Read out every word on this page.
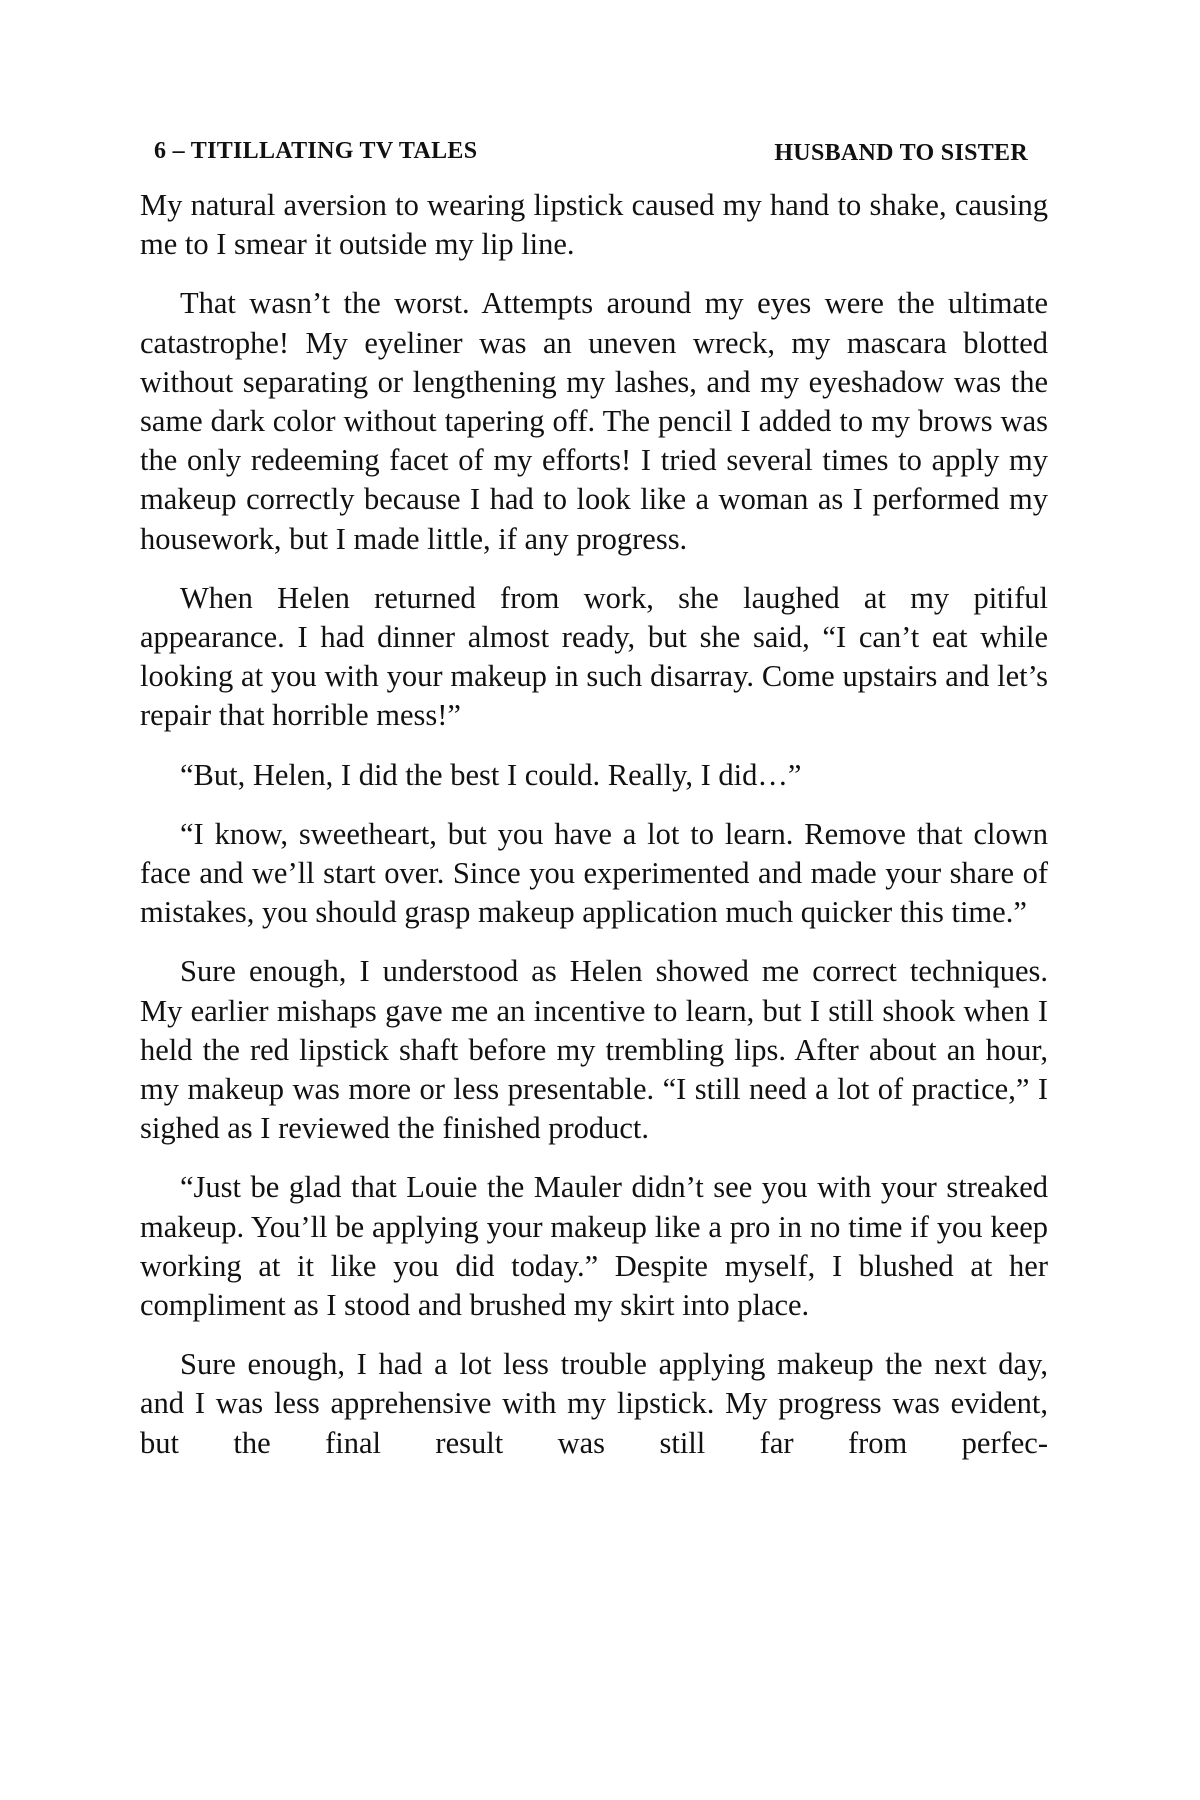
6 – TITILLATING TV TALES	HUSBAND TO SISTER

My natural aversion to wearing lipstick caused my hand to shake, causing me to I smear it outside my lip line.

That wasn’t the worst. Attempts around my eyes were the ultimate catastrophe! My eyeliner was an uneven wreck, my mascara blotted without separating or lengthening my lashes, and my eyeshadow was the same dark color without tapering off. The pencil I added to my brows was the only redeeming facet of my efforts! I tried several times to apply my makeup correctly because I had to look like a woman as I performed my housework, but I made little, if any progress.

When Helen returned from work, she laughed at my pitiful appearance. I had dinner almost ready, but she said, “I can’t eat while looking at you with your makeup in such disarray. Come upstairs and let’s repair that horrible mess!”

“But, Helen, I did the best I could. Really, I did…”

“I know, sweetheart, but you have a lot to learn. Remove that clown face and we’ll start over. Since you experimented and made your share of mistakes, you should grasp makeup application much quicker this time.”

Sure enough, I understood as Helen showed me correct techniques. My earlier mishaps gave me an incentive to learn, but I still shook when I held the red lipstick shaft before my trembling lips. After about an hour, my makeup was more or less presentable. “I still need a lot of practice,” I sighed as I reviewed the finished product.

“Just be glad that Louie the Mauler didn’t see you with your streaked makeup. You’ll be applying your makeup like a pro in no time if you keep working at it like you did today.” Despite myself, I blushed at her compliment as I stood and brushed my skirt into place.

Sure enough, I had a lot less trouble applying makeup the next day, and I was less apprehensive with my lipstick. My progress was evident, but the final result was still far from perfec-
